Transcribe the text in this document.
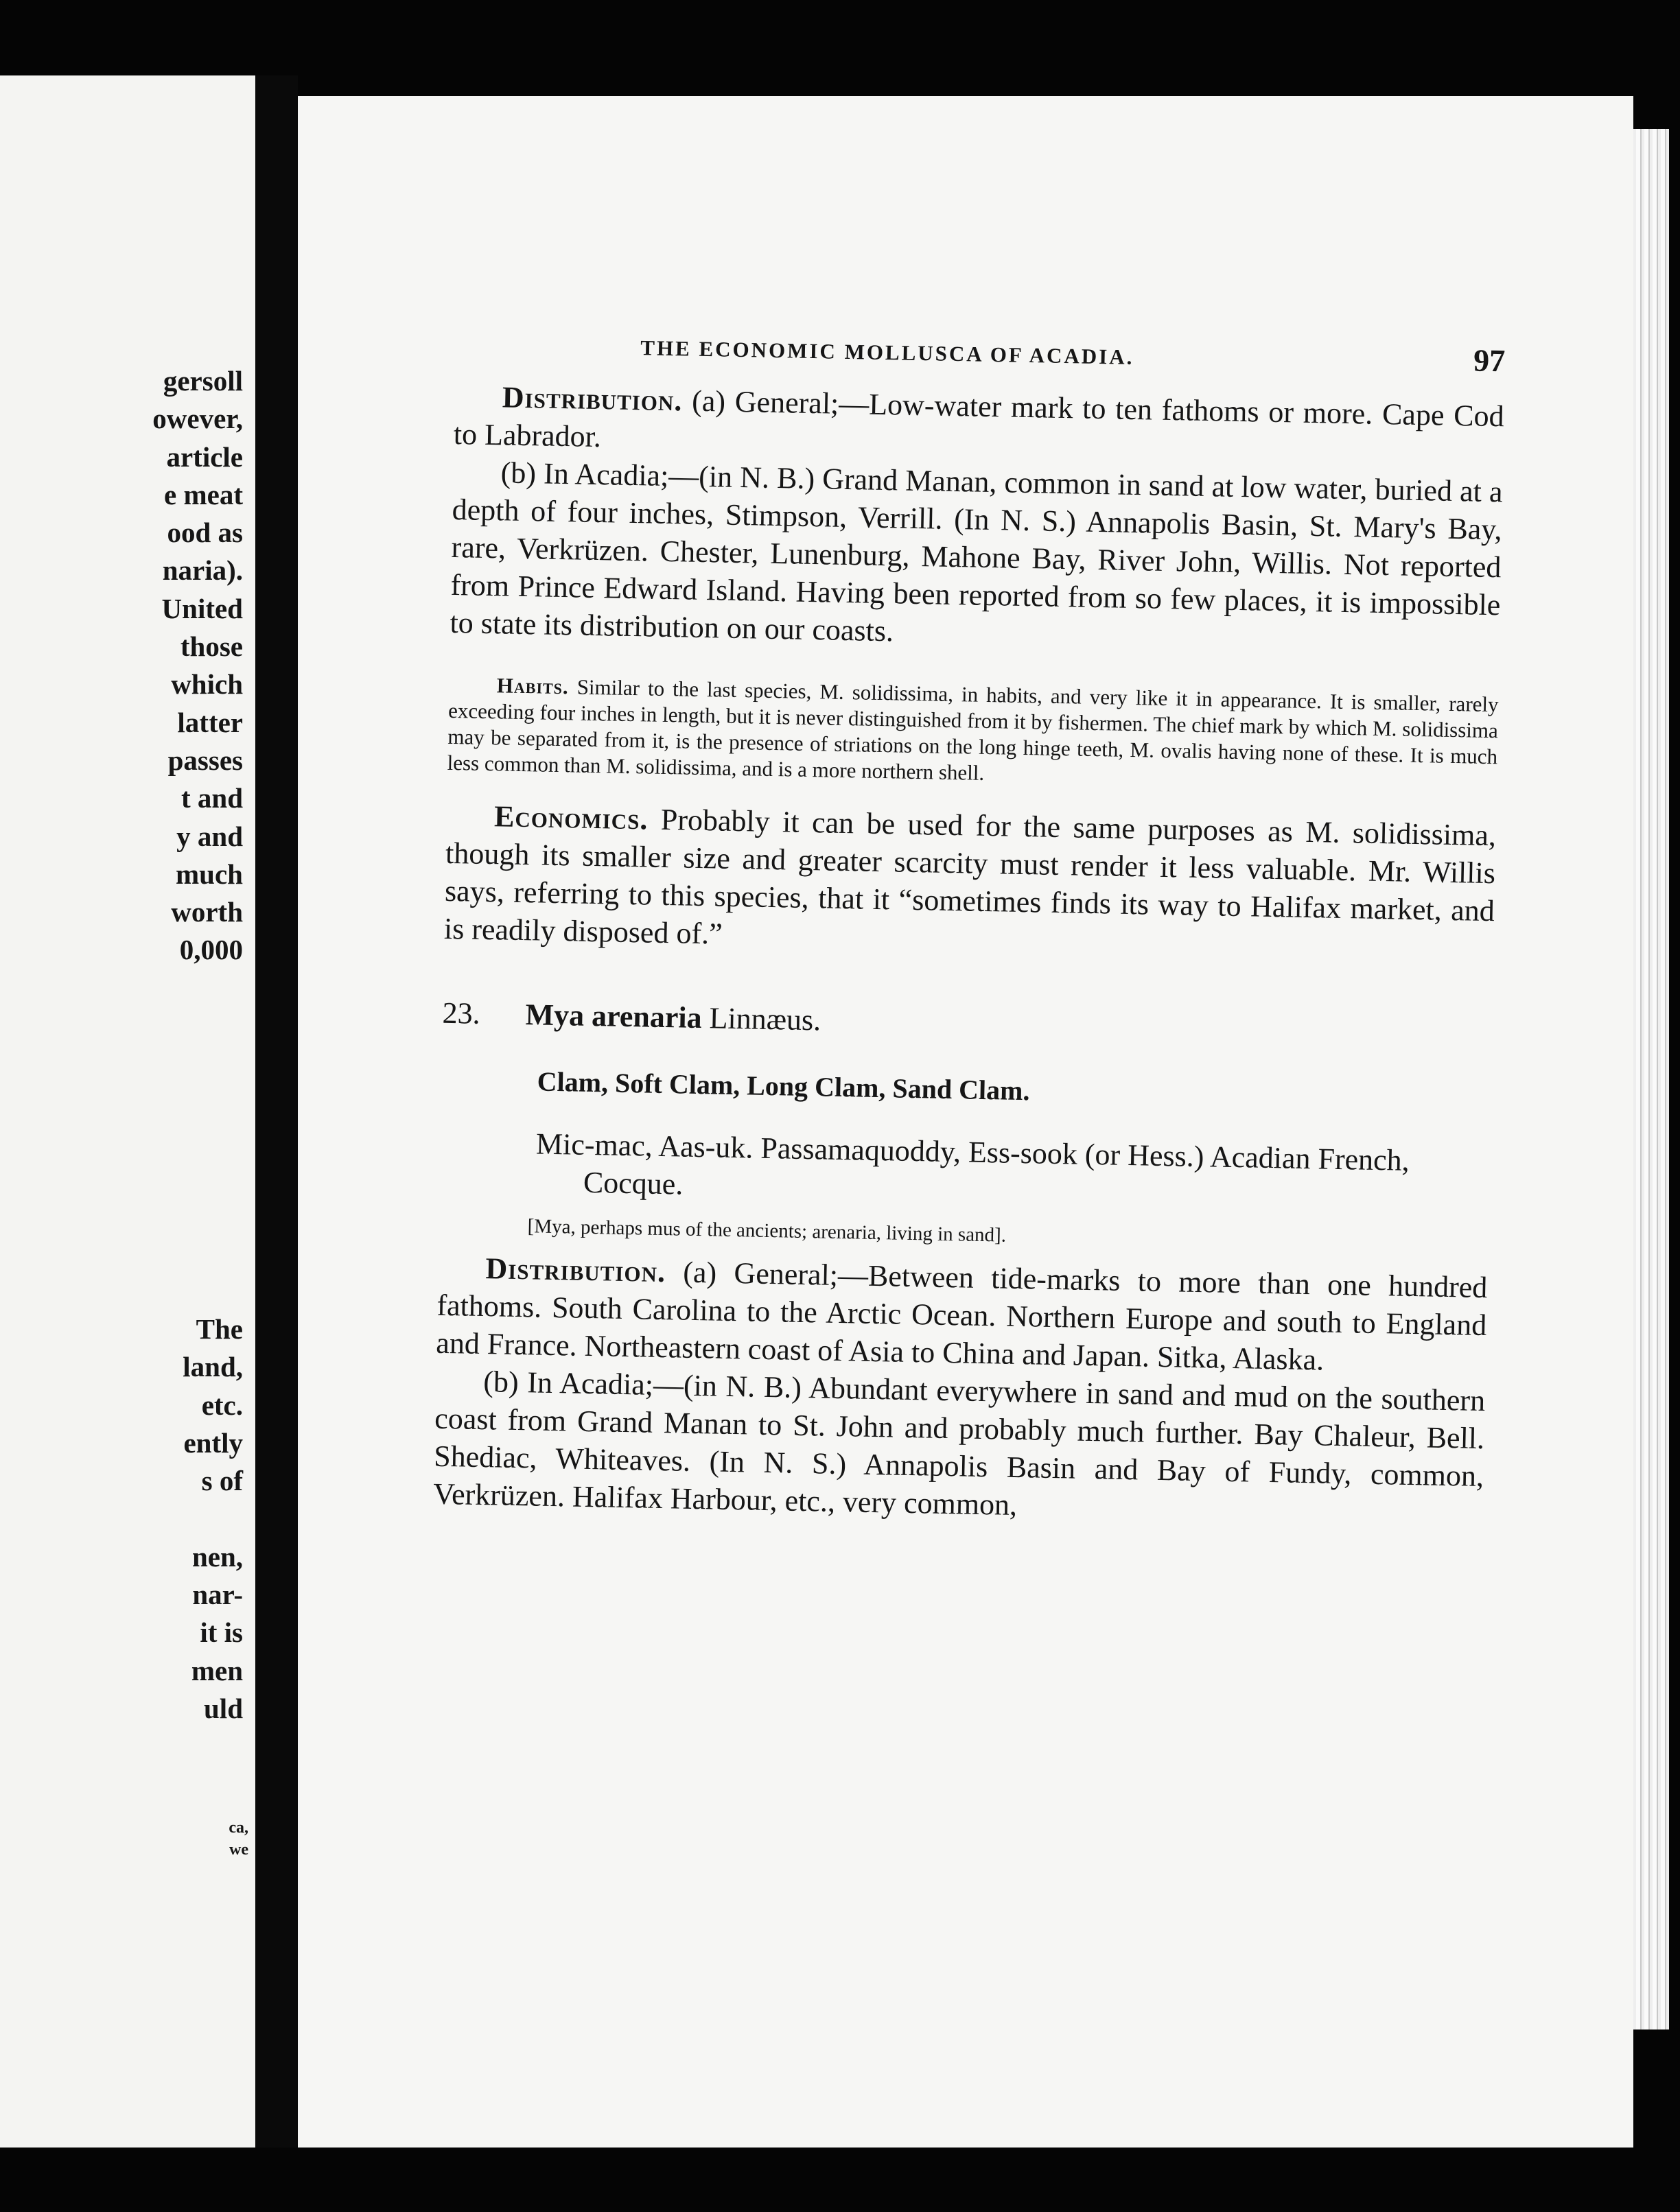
gersoll
owever,
article
e meat
ood as
naria).
United
those
which
latter
passes
t and
y and
much
worth
0,000
The
land,
etc.
ently
s of
nen,
nar-
it is
men
uld
ca,
we
THE ECONOMIC MOLLUSCA OF ACADIA.	97

Distribution. (a) General;—Low-water mark to ten fathoms or more. Cape Cod to Labrador.

(b) In Acadia;—(in N. B.) Grand Manan, common in sand at low water, buried at a depth of four inches, Stimpson, Verrill. (In N. S.) Annapolis Basin, St. Mary's Bay, rare, Verkrüzen. Chester, Lunenburg, Mahone Bay, River John, Willis. Not reported from Prince Edward Island. Having been reported from so few places, it is impossible to state its distribution on our coasts.

Habits. Similar to the last species, M. solidissima, in habits, and very like it in appearance. It is smaller, rarely exceeding four inches in length, but it is never distinguished from it by fishermen. The chief mark by which M. solidissima may be separated from it, is the presence of striations on the long hinge teeth, M. ovalis having none of these. It is much less common than M. solidissima, and is a more northern shell.

Economics. Probably it can be used for the same purposes as M. solidissima, though its smaller size and greater scarcity must render it less valuable. Mr. Willis says, referring to this species, that it “sometimes finds its way to Halifax market, and is readily disposed of.”

23. Mya arenaria Linnæus.

Clam, Soft Clam, Long Clam, Sand Clam.

Mic-mac, Aas-uk. Passamaquoddy, Ess-sook (or Hess.) Acadian French, Cocque.

[Mya, perhaps mus of the ancients; arenaria, living in sand].

Distribution. (a) General;—Between tide-marks to more than one hundred fathoms. South Carolina to the Arctic Ocean. Northern Europe and south to England and France. Northeastern coast of Asia to China and Japan. Sitka, Alaska.

(b) In Acadia;—(in N. B.) Abundant everywhere in sand and mud on the southern coast from Grand Manan to St. John and probably much further. Bay Chaleur, Bell. Shediac, Whiteaves. (In N. S.) Annapolis Basin and Bay of Fundy, common, Verkrüzen. Halifax Harbour, etc., very common,
